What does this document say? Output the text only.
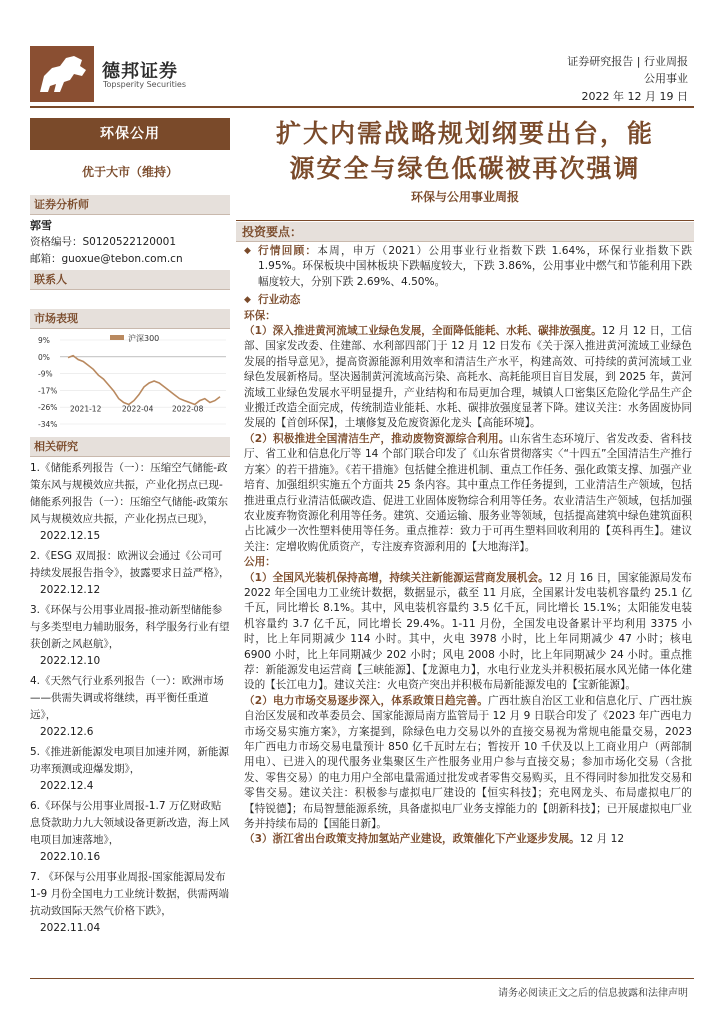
德邦证券
Topsperity Securities
证券研究报告 | 行业周报
公用事业
2022 年 12 月 19 日
环保公用
优于大市（维持）
证券分析师
郭雪
资格编号：S0120522120001
邮箱：guoxue@tebon.com.cn
联系人
市场表现
9%
0%
-9%
-17%
-26%
-34%
2021-12	2022-04 2022-08
沪深300
相关研究
1.《储能系列报告（一）：压缩空气储能-政策东风与规模效应共振，产业化拐点已现-储能系列报告（一）：压缩空气储能-政策东风与规模效应共振，产业化拐点已现》，
2022.12.15
2.《ESG 双周报：欧洲议会通过《公司可持续发展报告指令》，披露要求日益严格》，
2022.12.12
3.《环保与公用事业周报-推动新型储能参与多类型电力辅助服务，科学服务行业有望获创新之风赵航》，
2022.12.10
4.《天然气行业系列报告（一）：欧洲市场——供需失调或将继续，再平衡任重道远》，
2022.12.6
5.《推进新能源发电项目加速并网，新能源功率预测或迎爆发期》，
2022.12.4
6.《环保与公用事业周报-1.7 万亿财政贴息贷款助力九大领域设备更新改造，海上风电项目加速落地》，
2022.10.16
7. 《环保与公用事业周报-国家能源局发布 1-9 月份全国电力工业统计数据，供需两端抗动致国际天然气价格下跌》，
2022.11.04
扩大内需战略规划纲要出台，能
源安全与绿色低碳被再次强调
环保与公用事业周报
投资要点：

◆ 行情回顾：本周，申万（2021）公用事业行业指数下跌 1.64%，环保行业指数下跌 1.95%。环保板块中国林板块下跌幅度较大，下跌 3.86%，公用事业中燃气和节能利用下跌幅度较大，分别下跌 2.69%、4.50%。

◆ 行业动态

环保：

（1）深入推进黄河流域工业绿色发展，全面降低能耗、水耗、碳排放强度。12 月 12 日，工信部、国家发改委、住建部、水利部四部门于 12 月 12 日发布《关于深入推进黄河流域工业绿色发展的指导意见》，提高资源能源利用效率和清洁生产水平，构建高效、可持续的黄河流域工业绿色发展新格局。坚决遏制黄河流域高污染、高耗水、高耗能项目盲目发展，到 2025 年，黄河流域工业绿色发展水平明显提升，产业结构和布局更加合理，城镇人口密集区危险化学品生产企业搬迁改造全面完成，传统制造业能耗、水耗、碳排放强度显著下降。建议关注：水务固废协同发展的【首创环保】，土壤修复及危废资源化龙头【高能环境】。

（2）积极推进全国清洁生产，推动废物资源综合利用。山东省生态环境厅、省发改委、省科技厅、省工业和信息化厅等 14 个部门联合印发了《山东省贯彻落实〈“十四五”全国清洁生产推行方案〉的若干措施》。《若干措施》包括健全推进机制、重点工作任务、强化政策支撑、加强产业培育、加强组织实施五个方面共 25 条内容。其中重点工作任务提到，工业清洁生产领域，包括推进重点行业清洁低碳改造、促进工业固体废物综合利用等任务。农业清洁生产领域，包括加强农业废弃物资源化利用等任务。建筑、交通运输、服务业等领域，包括提高建筑中绿色建筑面积占比减少一次性塑料使用等任务。重点推荐：致力于可再生塑料回收利用的【英科再生】。建议关注：定增收购优质资产，专注废弃资源利用的【大地海洋】。

公用：

（1）全国风光装机保持高增，持续关注新能源运营商发展机会。12 月 16 日，国家能源局发布 2022 年全国电力工业统计数据，数据显示，截至 11 月底，全国累计发电装机容量约 25.1 亿千瓦，同比增长 8.1%。其中，风电装机容量约 3.5 亿千瓦，同比增长 15.1%；太阳能发电装机容量约 3.7 亿千瓦，同比增长 29.4%。1-11 月份，全国发电设备累计平均利用 3375 小时，比上年同期减少 114 小时。其中，火电 3978 小时，比上年同期减少 47 小时；核电 6900 小时，比上年同期减少 202 小时；风电 2008 小时，比上年同期减少 24 小时。重点推荐：新能源发电运营商【三峡能源】、【龙源电力】，水电行业龙头并积极拓展水风光储一体化建设的【长江电力】。建议关注：火电资产突出并积极布局新能源发电的【宝新能源】。

（2）电力市场交易逐步深入，体系政策日趋完善。广西壮族自治区工业和信息化厅、广西壮族自治区发展和改革委员会、国家能源局南方监管局于 12 月 9 日联合印发了《2023 年广西电力市场交易实施方案》，方案提到，除绿色电力交易以外的直接交易视为常规电能量交易，2023 年广西电力市场交易电量预计 850 亿千瓦时左右；暂按开 10 千伏及以上工商业用户（两部制用电）、已进入的现代服务业集聚区生产性服务业用户参与直接交易；参加市场化交易（含批发、零售交易）的电力用户全部电量需通过批发或者零售交易购买，且不得同时参加批发交易和零售交易。建议关注：积极参与虚拟电厂建设的【恒实科技】；充电网龙头、布局虚拟电厂的【特锐德】；布局智慧能源系统，具备虚拟电厂业务支撑能力的【朗新科技】；已开展虚拟电厂业务并持续布局的【国能日新】。

（3）浙江省出台政策支持加氢站产业建设，政策催化下产业逐步发展。12 月 12

请务必阅读正文之后的信息披露和法律声明
